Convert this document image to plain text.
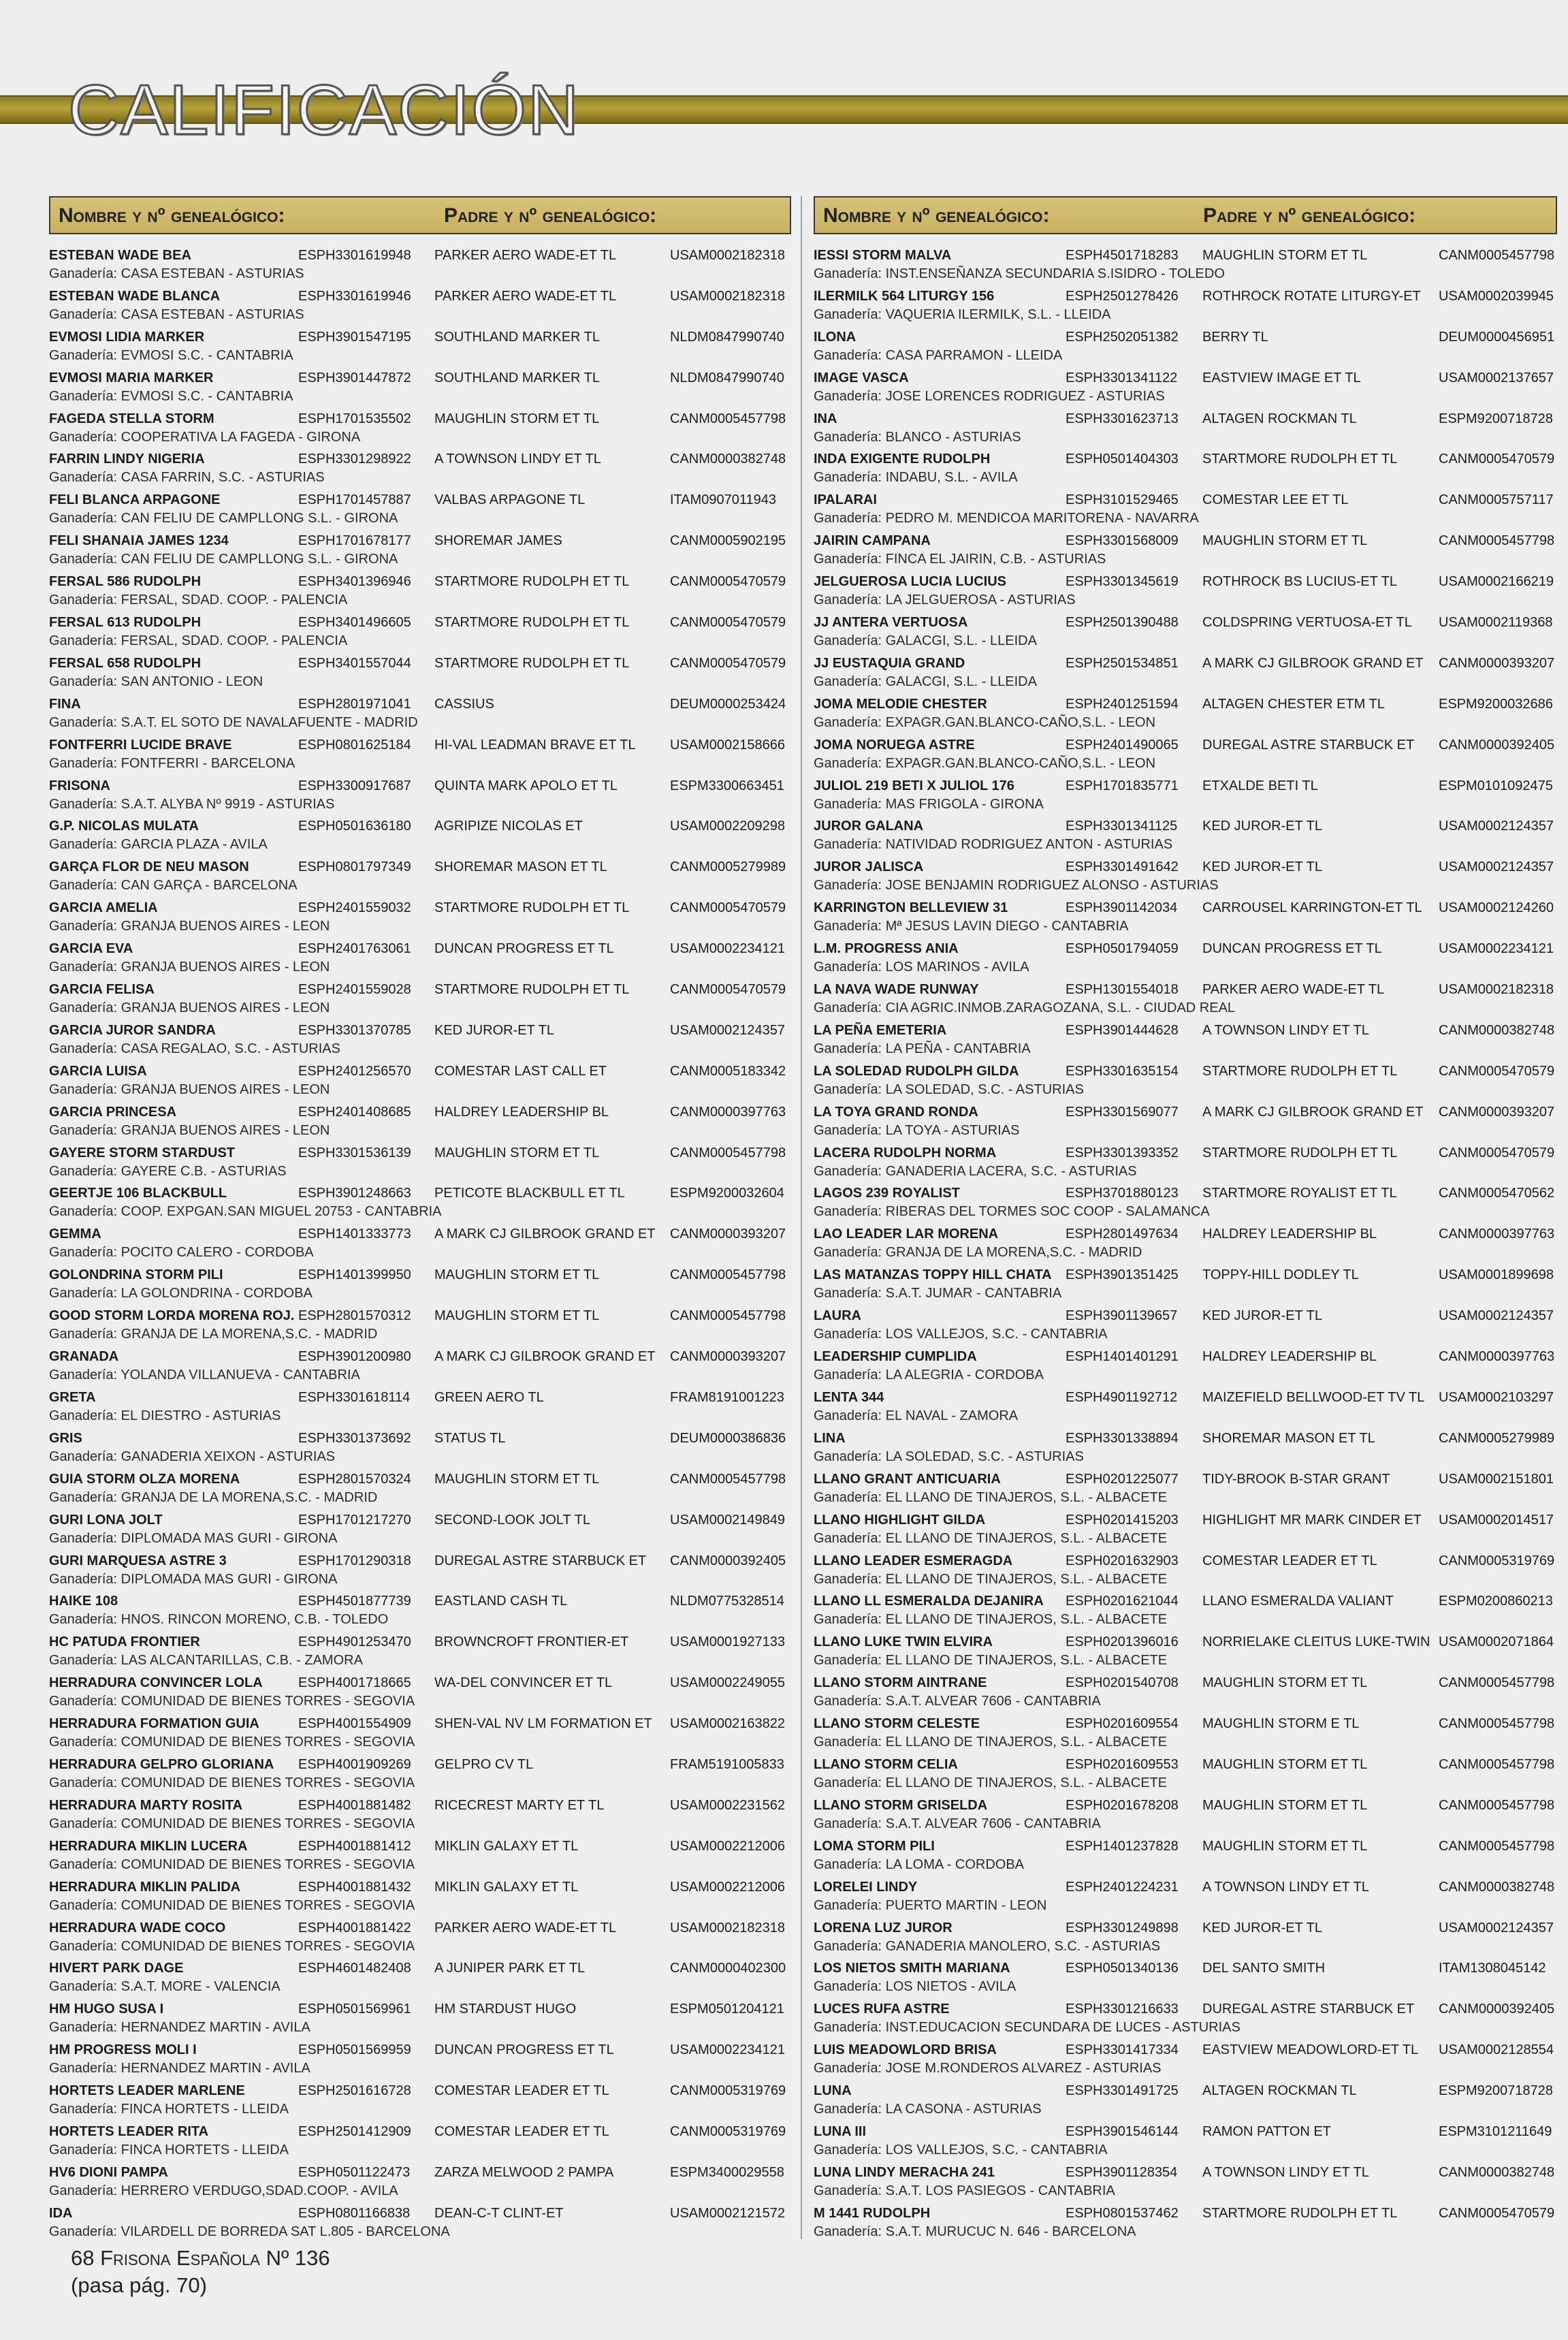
CALIFICACIÓN
Nombre y nº genealógico:	Padre y nº genealógico:
ESTEBAN WADE BEA	ESPH3301619948	PARKER AERO WADE-ET TL	USAM0002182318
Ganadería: CASA ESTEBAN - ASTURIAS
ESTEBAN WADE BLANCA	ESPH3301619946	PARKER AERO WADE-ET TL	USAM0002182318
Ganadería: CASA ESTEBAN - ASTURIAS
EVMOSI LIDIA MARKER	ESPH3901547195	SOUTHLAND MARKER TL	NLDM0847990740
Ganadería: EVMOSI S.C. - CANTABRIA
EVMOSI MARIA MARKER	ESPH3901447872	SOUTHLAND MARKER TL	NLDM0847990740
Ganadería: EVMOSI S.C. - CANTABRIA
FAGEDA STELLA STORM	ESPH1701535502	MAUGHLIN STORM ET TL	CANM0005457798
Ganadería: COOPERATIVA LA FAGEDA - GIRONA
FARRIN LINDY NIGERIA	ESPH3301298922	A TOWNSON LINDY ET TL	CANM0000382748
Ganadería: CASA FARRIN, S.C. - ASTURIAS
FELI BLANCA ARPAGONE	ESPH1701457887	VALBAS ARPAGONE TL	ITAM0907011943
Ganadería: CAN FELIU DE CAMPLLONG S.L. - GIRONA
FELI SHANAIA JAMES 1234	ESPH1701678177	SHOREMAR JAMES	CANM0005902195
Ganadería: CAN FELIU DE CAMPLLONG S.L. - GIRONA
FERSAL 586 RUDOLPH	ESPH3401396946	STARTMORE RUDOLPH ET TL	CANM0005470579
Ganadería: FERSAL, SDAD. COOP. - PALENCIA
FERSAL 613 RUDOLPH	ESPH3401496605	STARTMORE RUDOLPH ET TL	CANM0005470579
Ganadería: FERSAL, SDAD. COOP. - PALENCIA
FERSAL 658 RUDOLPH	ESPH3401557044	STARTMORE RUDOLPH ET TL	CANM0005470579
Ganadería: SAN ANTONIO - LEON
FINA	ESPH2801971041	CASSIUS	DEUM0000253424
Ganadería: S.A.T. EL SOTO DE NAVALAFUENTE - MADRID
FONTFERRI LUCIDE BRAVE	ESPH0801625184	HI-VAL LEADMAN BRAVE ET TL	USAM0002158666
Ganadería: FONTFERRI - BARCELONA
FRISONA	ESPH3300917687	QUINTA MARK APOLO ET TL	ESPM3300663451
Ganadería: S.A.T. ALYBA Nº 9919 - ASTURIAS
G.P. NICOLAS MULATA	ESPH0501636180	AGRIPIZE NICOLAS ET	USAM0002209298
Ganadería: GARCIA PLAZA - AVILA
GARÇA FLOR DE NEU MASON	ESPH0801797349	SHOREMAR MASON ET TL	CANM0005279989
Ganadería: CAN GARÇA - BARCELONA
GARCIA AMELIA	ESPH2401559032	STARTMORE RUDOLPH ET TL	CANM0005470579
Ganadería: GRANJA BUENOS AIRES - LEON
GARCIA EVA	ESPH2401763061	DUNCAN PROGRESS ET TL	USAM0002234121
Ganadería: GRANJA BUENOS AIRES - LEON
GARCIA FELISA	ESPH2401559028	STARTMORE RUDOLPH ET TL	CANM0005470579
Ganadería: GRANJA BUENOS AIRES - LEON
GARCIA JUROR SANDRA	ESPH3301370785	KED JUROR-ET TL	USAM0002124357
Ganadería: CASA REGALAO, S.C. - ASTURIAS
GARCIA LUISA	ESPH2401256570	COMESTAR LAST CALL ET	CANM0005183342
Ganadería: GRANJA BUENOS AIRES - LEON
GARCIA PRINCESA	ESPH2401408685	HALDREY LEADERSHIP BL	CANM0000397763
Ganadería: GRANJA BUENOS AIRES - LEON
GAYERE STORM STARDUST	ESPH3301536139	MAUGHLIN STORM ET TL	CANM0005457798
Ganadería: GAYERE C.B. - ASTURIAS
GEERTJE 106 BLACKBULL	ESPH3901248663	PETICOTE BLACKBULL ET TL	ESPM9200032604
Ganadería: COOP. EXPGAN.SAN MIGUEL 20753 - CANTABRIA
GEMMA	ESPH1401333773	A MARK CJ GILBROOK GRAND ET	CANM0000393207
Ganadería: POCITO CALERO - CORDOBA
GOLONDRINA STORM PILI	ESPH1401399950	MAUGHLIN STORM ET TL	CANM0005457798
Ganadería: LA GOLONDRINA - CORDOBA
GOOD STORM LORDA MORENA ROJ. ESPH2801570312	MAUGHLIN STORM ET TL	CANM0005457798
Ganadería: GRANJA DE LA MORENA,S.C. - MADRID
GRANADA	ESPH3901200980	A MARK CJ GILBROOK GRAND ET	CANM0000393207
Ganadería: YOLANDA VILLANUEVA - CANTABRIA
GRETA	ESPH3301618114	GREEN AERO TL	FRAM8191001223
Ganadería: EL DIESTRO - ASTURIAS
GRIS	ESPH3301373692	STATUS TL	DEUM0000386836
Ganadería: GANADERIA XEIXON - ASTURIAS
GUIA STORM OLZA MORENA	ESPH2801570324	MAUGHLIN STORM ET TL	CANM0005457798
Ganadería: GRANJA DE LA MORENA,S.C. - MADRID
GURI LONA JOLT	ESPH1701217270	SECOND-LOOK JOLT TL	USAM0002149849
Ganadería: DIPLOMADA MAS GURI - GIRONA
GURI MARQUESA ASTRE 3	ESPH1701290318	DUREGAL ASTRE STARBUCK ET	CANM0000392405
Ganadería: DIPLOMADA MAS GURI - GIRONA
HAIKE 108	ESPH4501877739	EASTLAND CASH TL	NLDM0775328514
Ganadería: HNOS. RINCON MORENO, C.B. - TOLEDO
HC PATUDA FRONTIER	ESPH4901253470	BROWNCROFT FRONTIER-ET	USAM0001927133
Ganadería: LAS ALCANTARILLAS, C.B. - ZAMORA
HERRADURA CONVINCER LOLA	ESPH4001718665	WA-DEL CONVINCER ET TL	USAM0002249055
Ganadería: COMUNIDAD DE BIENES TORRES - SEGOVIA
HERRADURA FORMATION GUIA	ESPH4001554909	SHEN-VAL NV LM FORMATION ET	USAM0002163822
Ganadería: COMUNIDAD DE BIENES TORRES - SEGOVIA
HERRADURA GELPRO GLORIANA	ESPH4001909269	GELPRO CV TL	FRAM5191005833
Ganadería: COMUNIDAD DE BIENES TORRES - SEGOVIA
HERRADURA MARTY ROSITA	ESPH4001881482	RICECREST MARTY ET TL	USAM0002231562
Ganadería: COMUNIDAD DE BIENES TORRES - SEGOVIA
HERRADURA MIKLIN LUCERA	ESPH4001881412	MIKLIN GALAXY ET TL	USAM0002212006
Ganadería: COMUNIDAD DE BIENES TORRES - SEGOVIA
HERRADURA MIKLIN PALIDA	ESPH4001881432	MIKLIN GALAXY ET TL	USAM0002212006
Ganadería: COMUNIDAD DE BIENES TORRES - SEGOVIA
HERRADURA WADE COCO	ESPH4001881422	PARKER AERO WADE-ET TL	USAM0002182318
Ganadería: COMUNIDAD DE BIENES TORRES - SEGOVIA
HIVERT PARK DAGE	ESPH4601482408	A JUNIPER PARK ET TL	CANM0000402300
Ganadería: S.A.T. MORE - VALENCIA
HM HUGO SUSA I	ESPH0501569961	HM STARDUST HUGO	ESPM0501204121
Ganadería: HERNANDEZ MARTIN - AVILA
HM PROGRESS MOLI I	ESPH0501569959	DUNCAN PROGRESS ET TL	USAM0002234121
Ganadería: HERNANDEZ MARTIN - AVILA
HORTETS LEADER MARLENE	ESPH2501616728	COMESTAR LEADER ET TL	CANM0005319769
Ganadería: FINCA HORTETS - LLEIDA
HORTETS LEADER RITA	ESPH2501412909	COMESTAR LEADER ET TL	CANM0005319769
Ganadería: FINCA HORTETS - LLEIDA
HV6 DIONI PAMPA	ESPH0501122473	ZARZA MELWOOD 2 PAMPA	ESPM3400029558
Ganadería: HERRERO VERDUGO,SDAD.COOP. - AVILA
IDA	ESPH0801166838	DEAN-C-T CLINT-ET	USAM0002121572
Ganadería: VILARDELL DE BORREDA SAT L.805 - BARCELONA
Nombre y nº genealógico:	Padre y nº genealógico:
IESSI STORM MALVA	ESPH4501718283	MAUGHLIN STORM ET TL	CANM0005457798
Ganadería: INST.ENSEÑANZA SECUNDARIA S.ISIDRO - TOLEDO
ILERMILK 564 LITURGY 156	ESPH2501278426	ROTHROCK ROTATE LITURGY-ET	USAM0002039945
Ganadería: VAQUERIA ILERMILK, S.L. - LLEIDA
ILONA	ESPH2502051382	BERRY TL	DEUM0000456951
Ganadería: CASA PARRAMON - LLEIDA
IMAGE VASCA	ESPH3301341122	EASTVIEW IMAGE ET TL	USAM0002137657
Ganadería: JOSE LORENCES RODRIGUEZ - ASTURIAS
INA	ESPH3301623713	ALTAGEN ROCKMAN TL	ESPM9200718728
Ganadería: BLANCO - ASTURIAS
INDA EXIGENTE RUDOLPH	ESPH0501404303	STARTMORE RUDOLPH ET TL	CANM0005470579
Ganadería: INDABU, S.L. - AVILA
IPALARAI	ESPH3101529465	COMESTAR LEE ET TL	CANM0005757117
Ganadería: PEDRO M. MENDICOA MARITORENA - NAVARRA
JAIRIN CAMPANA	ESPH3301568009	MAUGHLIN STORM ET TL	CANM0005457798
Ganadería: FINCA EL JAIRIN, C.B. - ASTURIAS
JELGUEROSA LUCIA LUCIUS	ESPH3301345619	ROTHROCK BS LUCIUS-ET TL	USAM0002166219
Ganadería: LA JELGUEROSA - ASTURIAS
JJ ANTERA VERTUOSA	ESPH2501390488	COLDSPRING VERTUOSA-ET TL	USAM0002119368
Ganadería: GALACGI, S.L. - LLEIDA
JJ EUSTAQUIA GRAND	ESPH2501534851	A MARK CJ GILBROOK GRAND ET	CANM0000393207
Ganadería: GALACGI, S.L. - LLEIDA
JOMA MELODIE CHESTER	ESPH2401251594	ALTAGEN CHESTER ETM TL	ESPM9200032686
Ganadería: EXPAGR.GAN.BLANCO-CAÑO,S.L. - LEON
JOMA NORUEGA ASTRE	ESPH2401490065	DUREGAL ASTRE STARBUCK ET	CANM0000392405
Ganadería: EXPAGR.GAN.BLANCO-CAÑO,S.L. - LEON
JULIOL 219 BETI X JULIOL 176	ESPH1701835771	ETXALDE BETI TL	ESPM0101092475
Ganadería: MAS FRIGOLA - GIRONA
JUROR GALANA	ESPH3301341125	KED JUROR-ET TL	USAM0002124357
Ganadería: NATIVIDAD RODRIGUEZ ANTON - ASTURIAS
JUROR JALISCA	ESPH3301491642	KED JUROR-ET TL	USAM0002124357
Ganadería: JOSE BENJAMIN RODRIGUEZ ALONSO - ASTURIAS
KARRINGTON BELLEVIEW 31	ESPH3901142034	CARROUSEL KARRINGTON-ET TL	USAM0002124260
Ganadería: Mª JESUS LAVIN DIEGO - CANTABRIA
L.M. PROGRESS ANIA	ESPH0501794059	DUNCAN PROGRESS ET TL	USAM0002234121
Ganadería: LOS MARINOS - AVILA
LA NAVA WADE RUNWAY	ESPH1301554018	PARKER AERO WADE-ET TL	USAM0002182318
Ganadería: CIA AGRIC.INMOB.ZARAGOZANA, S.L. - CIUDAD REAL
LA PEÑA EMETERIA	ESPH3901444628	A TOWNSON LINDY ET TL	CANM0000382748
Ganadería: LA PEÑA - CANTABRIA
LA SOLEDAD RUDOLPH GILDA	ESPH3301635154	STARTMORE RUDOLPH ET TL	CANM0005470579
Ganadería: LA SOLEDAD, S.C. - ASTURIAS
LA TOYA GRAND RONDA	ESPH3301569077	A MARK CJ GILBROOK GRAND ET	CANM0000393207
Ganadería: LA TOYA - ASTURIAS
LACERA RUDOLPH NORMA	ESPH3301393352	STARTMORE RUDOLPH ET TL	CANM0005470579
Ganadería: GANADERIA LACERA, S.C. - ASTURIAS
LAGOS 239 ROYALIST	ESPH3701880123	STARTMORE ROYALIST ET TL	CANM0005470562
Ganadería: RIBERAS DEL TORMES SOC COOP - SALAMANCA
LAO LEADER LAR MORENA	ESPH2801497634	HALDREY LEADERSHIP BL	CANM0000397763
Ganadería: GRANJA DE LA MORENA,S.C. - MADRID
LAS MATANZAS TOPPY HILL CHATA	ESPH3901351425	TOPPY-HILL DODLEY TL	USAM0001899698
Ganadería: S.A.T. JUMAR - CANTABRIA
LAURA	ESPH3901139657	KED JUROR-ET TL	USAM0002124357
Ganadería: LOS VALLEJOS, S.C. - CANTABRIA
LEADERSHIP CUMPLIDA	ESPH1401401291	HALDREY LEADERSHIP BL	CANM0000397763
Ganadería: LA ALEGRIA - CORDOBA
LENTA 344	ESPH4901192712	MAIZEFIELD BELLWOOD-ET TV TL	USAM0002103297
Ganadería: EL NAVAL - ZAMORA
LINA	ESPH3301338894	SHOREMAR MASON ET TL	CANM0005279989
Ganadería: LA SOLEDAD, S.C. - ASTURIAS
LLANO GRANT ANTICUARIA	ESPH0201225077	TIDY-BROOK B-STAR GRANT	USAM0002151801
Ganadería: EL LLANO DE TINAJEROS, S.L. - ALBACETE
LLANO HIGHLIGHT GILDA	ESPH0201415203	HIGHLIGHT MR MARK CINDER ET	USAM0002014517
Ganadería: EL LLANO DE TINAJEROS, S.L. - ALBACETE
LLANO LEADER ESMERAGDA	ESPH0201632903	COMESTAR LEADER ET TL	CANM0005319769
Ganadería: EL LLANO DE TINAJEROS, S.L. - ALBACETE
LLANO LL ESMERALDA DEJANIRA	ESPH0201621044	LLANO ESMERALDA VALIANT	ESPM0200860213
Ganadería: EL LLANO DE TINAJEROS, S.L. - ALBACETE
LLANO LUKE TWIN ELVIRA	ESPH0201396016	NORRIELAKE CLEITUS LUKE-TWIN USAM0002071864
Ganadería: EL LLANO DE TINAJEROS, S.L. - ALBACETE
LLANO STORM AINTRANE	ESPH0201540708	MAUGHLIN STORM ET TL	CANM0005457798
Ganadería: S.A.T. ALVEAR 7606 - CANTABRIA
LLANO STORM CELESTE	ESPH0201609554	MAUGHLIN STORM E TL	CANM0005457798
Ganadería: EL LLANO DE TINAJEROS, S.L. - ALBACETE
LLANO STORM CELIA	ESPH0201609553	MAUGHLIN STORM ET TL	CANM0005457798
Ganadería: EL LLANO DE TINAJEROS, S.L. - ALBACETE
LLANO STORM GRISELDA	ESPH0201678208	MAUGHLIN STORM ET TL	CANM0005457798
Ganadería: S.A.T. ALVEAR 7606 - CANTABRIA
LOMA STORM PILI	ESPH1401237828	MAUGHLIN STORM ET TL	CANM0005457798
Ganadería: LA LOMA - CORDOBA
LORELEI LINDY	ESPH2401224231	A TOWNSON LINDY ET TL	CANM0000382748
Ganadería: PUERTO MARTIN - LEON
LORENA LUZ JUROR	ESPH3301249898	KED JUROR-ET TL	USAM0002124357
Ganadería: GANADERIA MANOLERO, S.C. - ASTURIAS
LOS NIETOS SMITH MARIANA	ESPH0501340136	DEL SANTO SMITH	ITAM1308045142
Ganadería: LOS NIETOS - AVILA
LUCES RUFA ASTRE	ESPH3301216633	DUREGAL ASTRE STARBUCK ET	CANM0000392405
Ganadería: INST.EDUCACION SECUNDARA DE LUCES - ASTURIAS
LUIS MEADOWLORD BRISA	ESPH3301417334	EASTVIEW MEADOWLORD-ET TL	USAM0002128554
Ganadería: JOSE M.RONDEROS ALVAREZ - ASTURIAS
LUNA	ESPH3301491725	ALTAGEN ROCKMAN TL	ESPM9200718728
Ganadería: LA CASONA - ASTURIAS
LUNA III	ESPH3901546144	RAMON PATTON ET	ESPM3101211649
Ganadería: LOS VALLEJOS, S.C. - CANTABRIA
LUNA LINDY MERACHA 241	ESPH3901128354	A TOWNSON LINDY ET TL	CANM0000382748
Ganadería: S.A.T. LOS PASIEGOS - CANTABRIA
M 1441 RUDOLPH	ESPH0801537462	STARTMORE RUDOLPH ET TL	CANM0005470579
Ganadería: S.A.T. MURUCUC N. 646 - BARCELONA
68 Frisona Española Nº 136
(pasa pág. 70)
